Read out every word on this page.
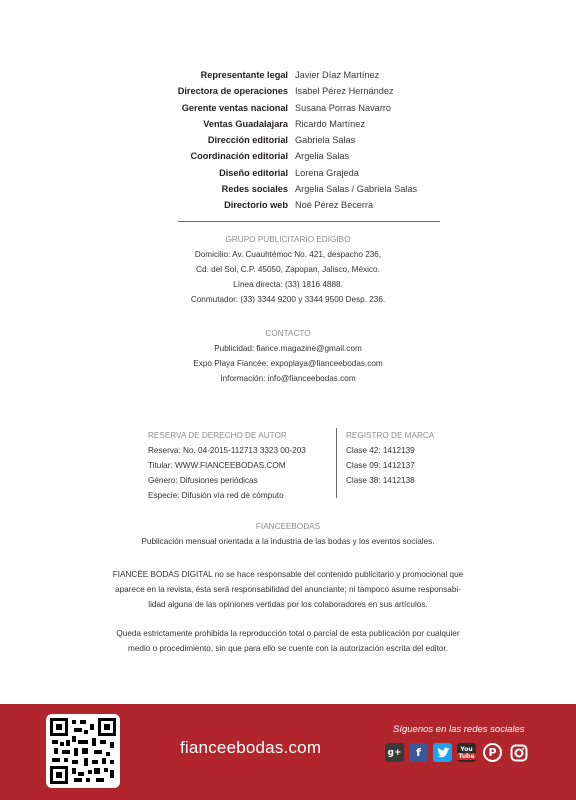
Representante legal Javier Díaz Martínez
Directora de operaciones Isabel Pérez Hernández
Gerente ventas nacional Susana Porras Navarro
Ventas Guadalajara Ricardo Martínez
Dirección editorial Gabriela Salas
Coordinación editorial Argelia Salas
Diseño editorial Lorena Grajeda
Redes sociales Argelia Salas / Gabriela Salas
Directorio web Noé Pérez Becerra
GRUPO PUBLICITARIO EDIGIBO
Domicilio: Av. Cuauhtémoc No. 421, despacho 236,
Cd. del Sol, C.P. 45050, Zapopan, Jalisco, México.
Línea directa: (33) 1816 4888.
Conmutador: (33) 3344 9200 y 3344 9500 Desp. 236.
CONTACTO
Publicidad: fiance.magazine@gmail.com
Expo Playa Fiancée: expoplaya@fianceebodas.com
Información: info@fianceebodas.com
RESERVA DE DERECHO DE AUTOR
Reserva: No. 04-2015-112713 3323 00-203
Titular: WWW.FIANCEEBODAS.COM
Género: Difusiones periódicas
Especie: Difusión vía red de cómputo
REGISTRO DE MARCA
Clase 42: 1412139
Clase 09: 1412137
Clase 38: 1412138
FIANCEEBODAS
Publicación mensual orientada a la industria de las bodas y los eventos sociales.
FIANCÉE BODAS DIGITAL no se hace responsable del contenido publicitario y promocional que
aparece en la revista, ésta será responsabilidad del anunciante; ni tampoco asume responsabi-
lidad alguna de las opiniones vertidas por los colaboradores en sus artículos.
Queda estrictamente prohibida la reproducción total o parcial de esta publicación por cualquier
medio o procedimiento, sin que para ello se cuente con la autorización escrita del editor.
fianceebodas.com
Síguenos en las redes sociales
g+	f	You
Tube	P
